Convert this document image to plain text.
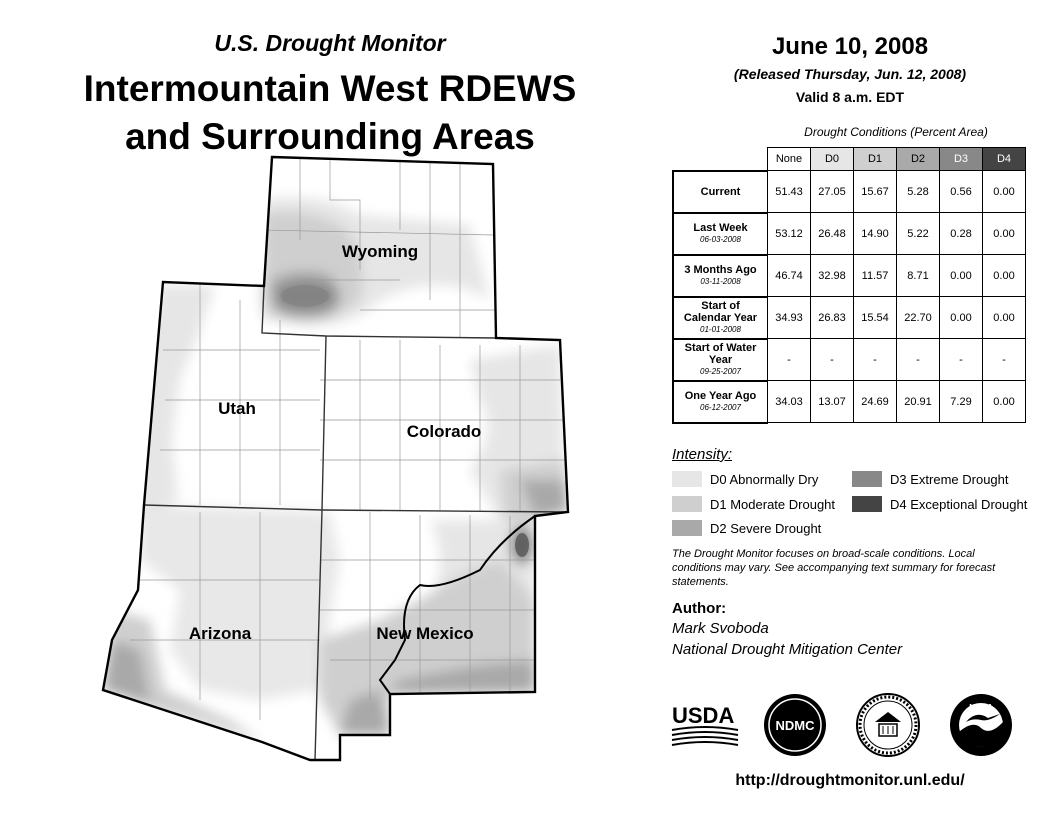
U.S. Drought Monitor
Intermountain West RDEWS
and Surrounding Areas
Wyoming
Utah
Colorado
Arizona	New Mexico
June 10, 2008
(Released Thursday, Jun. 12, 2008)
Valid 8 a.m. EDT
Drought Conditions (Percent Area)
	None	D0	D1	D2	D3	D4

Current	51.43	27.05	15.67	5.28	0.56	0.00

Last Week
06-03-2008	53.12	26.48	14.90	5.22	0.28	0.00

3 Months Ago
03-11-2008	46.74	32.98	11.57	8.71	0.00	0.00

Start of Calendar Year
01-01-2008	34.93	26.83	15.54	22.70	0.00	0.00

Start of Water Year
09-25-2007	-	-	-	-	-	-

One Year Ago
06-12-2007	34.03	13.07	24.69	20.91	7.29	0.00
Intensity:
D0 Abnormally Dry
D1 Moderate Drought
D2 Severe Drought
D3 Extreme Drought
D4 Exceptional Drought
The Drought Monitor focuses on broad-scale conditions. Local conditions may vary. See accompanying text summary for forecast statements.
Author:
Mark Svoboda
National Drought Mitigation Center
USDA	NDMC
NOAA
http://droughtmonitor.unl.edu/
